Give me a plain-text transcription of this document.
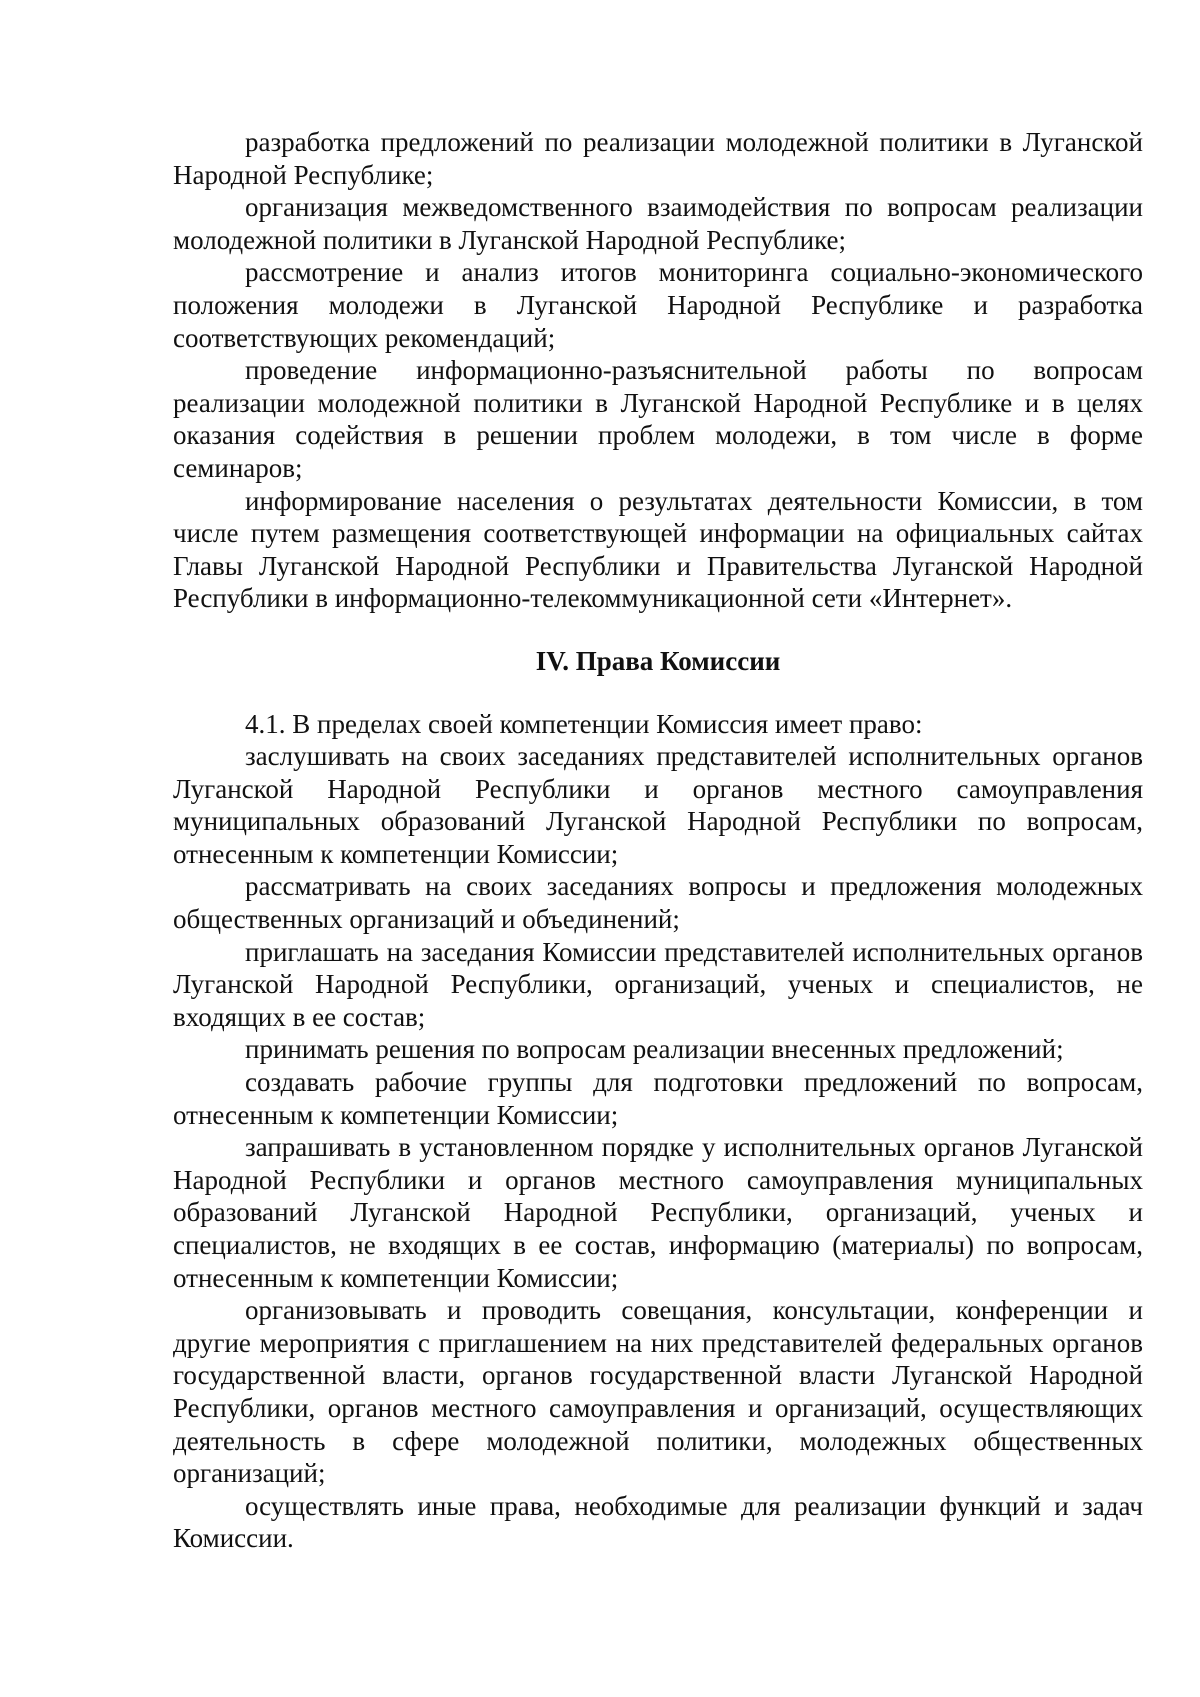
разработка предложений по реализации молодежной политики в Луганской Народной Республике;

организация межведомственного взаимодействия по вопросам реализации молодежной политики в Луганской Народной Республике;

рассмотрение и анализ итогов мониторинга социально-экономического положения молодежи в Луганской Народной Республике и разработка соответствующих рекомендаций;

проведение информационно-разъяснительной работы по вопросам реализации молодежной политики в Луганской Народной Республике и в целях оказания содействия в решении проблем молодежи, в том числе в форме семинаров;

информирование населения о результатах деятельности Комиссии, в том числе путем размещения соответствующей информации на официальных сайтах Главы Луганской Народной Республики и Правительства Луганской Народной Республики в информационно-телекоммуникационной сети «Интернет».

IV. Права Комиссии

4.1. В пределах своей компетенции Комиссия имеет право:

заслушивать на своих заседаниях представителей исполнительных органов Луганской Народной Республики и органов местного самоуправления муниципальных образований Луганской Народной Республики по вопросам, отнесенным к компетенции Комиссии;

рассматривать на своих заседаниях вопросы и предложения молодежных общественных организаций и объединений;

приглашать на заседания Комиссии представителей исполнительных органов Луганской Народной Республики, организаций, ученых и специалистов, не входящих в ее состав;

принимать решения по вопросам реализации внесенных предложений;

создавать рабочие группы для подготовки предложений по вопросам, отнесенным к компетенции Комиссии;

запрашивать в установленном порядке у исполнительных органов Луганской Народной Республики и органов местного самоуправления муниципальных образований Луганской Народной Республики, организаций, ученых и специалистов, не входящих в ее состав, информацию (материалы) по вопросам, отнесенным к компетенции Комиссии;

организовывать и проводить совещания, консультации, конференции и другие мероприятия с приглашением на них представителей федеральных органов государственной власти, органов государственной власти Луганской Народной Республики, органов местного самоуправления и организаций, осуществляющих деятельность в сфере молодежной политики, молодежных общественных организаций;

осуществлять иные права, необходимые для реализации функций и задач Комиссии.
